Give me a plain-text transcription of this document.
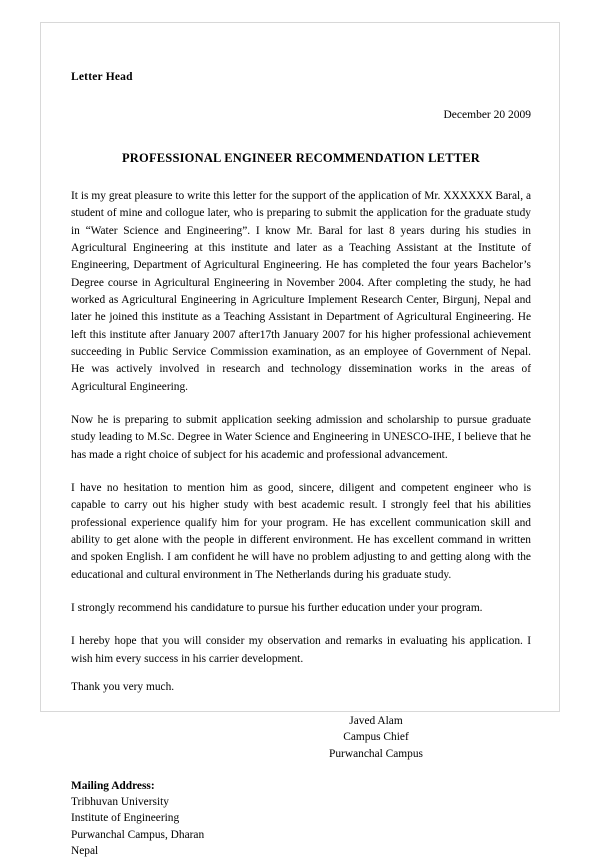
Letter Head
December 20 2009
PROFESSIONAL ENGINEER RECOMMENDATION LETTER

It is my great pleasure to write this letter for the support of the application of Mr. XXXXXX Baral, a student of mine and collogue later, who is preparing to submit the application for the graduate study in “Water Science and Engineering”. I know Mr. Baral for last 8 years during his studies in Agricultural Engineering at this institute and later as a Teaching Assistant at the Institute of Engineering, Department of Agricultural Engineering. He has completed the four years Bachelor’s Degree course in Agricultural Engineering in November 2004. After completing the study, he had worked as Agricultural Engineering in Agriculture Implement Research Center, Birgunj, Nepal and later he joined this institute as a Teaching Assistant in Department of Agricultural Engineering. He left this institute after January 2007 after17th January 2007 for his higher professional achievement succeeding in Public Service Commission examination, as an employee of Government of Nepal. He was actively involved in research and technology dissemination works in the areas of Agricultural Engineering.

Now he is preparing to submit application seeking admission and scholarship to pursue graduate study leading to M.Sc. Degree in Water Science and Engineering in UNESCO-IHE, I believe that he has made a right choice of subject for his academic and professional advancement.

I have no hesitation to mention him as good, sincere, diligent and competent engineer who is capable to carry out his higher study with best academic result. I strongly feel that his abilities professional experience qualify him for your program. He has excellent communication skill and ability to get alone with the people in different environment. He has excellent command in written and spoken English. I am confident he will have no problem adjusting to and getting along with the educational and cultural environment in The Netherlands during his graduate study.

I strongly recommend his candidature to pursue his further education under your program.

I hereby hope that you will consider my observation and remarks in evaluating his application. I wish him every success in his carrier development.

Thank you very much.

Javed Alam
Campus Chief
Purwanchal Campus
Mailing Address:
Tribhuvan University
Institute of Engineering
Purwanchal Campus, Dharan
Nepal
